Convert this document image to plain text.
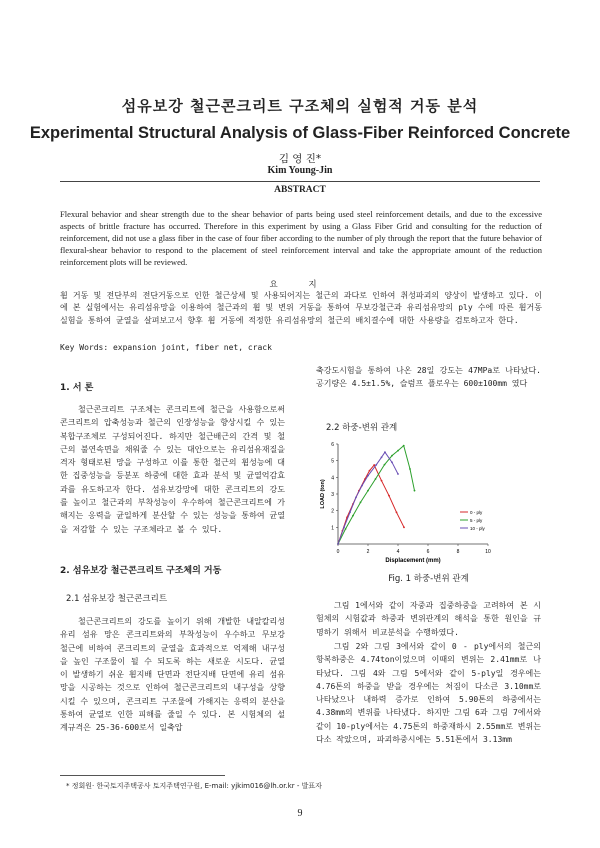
섬유보강 철근콘크리트 구조체의 실험적 거동 분석
Experimental Structural Analysis of Glass-Fiber Reinforced Concrete
김 영 진*
Kim Young-Jin
ABSTRACT
Flexural behavior and shear strength due to the shear behavior of parts being used steel reinforcement details, and due to the excessive aspects of brittle fracture has occurred. Therefore in this experiment by using a Glass Fiber Grid and consulting for the reduction of reinforcement, did not use a glass fiber in the case of four fiber according to the number of ply through the report that the future behavior of flexural-shear behavior to respond to the placement of steel reinforcement interval and take the appropriate amount of the reduction reinforcement plots will be reviewed.
요 지
휨 거동 및 전단부의 전단거동으로 인한 철근상세 및 사용되어지는 철근의 과다로 인하여 취성파괴의 양상이 발생하고 있다. 이에 본 실험에서는 유리섬유망을 이용하여 철근과의 휨 및 변위 거동을 통하여 무보강철근과 유리섬유망의 ply 수에 따른 휨거동 실험을 통하여 균열을 살펴보고서 향후 휨 거동에 적정한 유리섬유망의 철근의 배치결수에 대한 사용량을 검토하고자 한다.
Key Words: expansion joint, fiber net, crack
1. 서 론
철근콘크리트 구조체는 콘크리트에 철근을 사용함으로써 콘크리트의 압축성능과 철근의 인장성능을 향상시킬 수 있는 복합구조체로 구성되어진다. 하지만 철근배근의 간격 및 철근의 불연속면을 채워줄 수 있는 대안으로는 유리섬유재질을 격자 형태로된 망을 구성하고 이를 통한 철근의 휨성능에 대한 집중성능을 등분포 하중에 대한 효과 분석 및 균열억감효과를 유도하고자 한다. 섬유보강망에 대한 콘크리트의 강도를 높이고 철근과의 부착성능이 우수하여 철근콘크리트에 가해지는 응력을 균일하게 분산할 수 있는 성능을 통하여 균열을 저감할 수 있는 구조체라고 볼 수 있다.
2. 섬유보강 철근콘크리트 구조체의 거동
2.1 섬유보강 철근콘크리트
철근콘크리트의 강도를 높이기 위해 개발한 내알칼리성 유리 섬유 망은 콘크리트와의 부착성능이 우수하고 무보강 철근에 비하여 콘크리트의 균열을 효과적으로 억제해 내구성을 높인 구조물이 될 수 되도록 하는 새로운 시도다. 균열이 발생하기 쉬운 휨지배 단면과 전단지배 단면에 유리 섬유 망을 시공하는 것으로 인하여 철근콘크리트의 내구성을 상향시킬 수 있으며, 콘크리트 구조물에 가해지는 응력의 분산을 통하여 균열로 인한 피해를 줄일 수 있다. 본 시험체의 설계규격은 25-36-600로서 일축압
축강도시험을 통하여 나온 28일 강도는 47MPa로 나타났다. 공기량은 4.5±1.5%, 슬럼프 플로우는 600±100mm 였다
2.2 하중-변위 관계
0	2	4	6	8	10
1
2
3
4
5
6
Displacement (mm)
LOAD (ton)
0 - ply
5 - ply
10 - ply
Fig. 1 하중-변위 관계
그림 1에서와 같이 자중과 집중하중을 고려하여 본 시험체의 시험값과 하중과 변위관계의 해석을 통한 원인을 규명하기 위해서 비교분석을 수행하였다.
그림 2와 그림 3에서와 같이 0 - ply에서의 철근의 항복하중은 4.74ton이었으며 이때의 변위는 2.41mm로 나타났다. 그림 4와 그림 5에서와 같이 5-ply일 경우에는 4.76톤의 하중을 받을 경우에는 처짐이 다소큰 3.10mm로 나타났으나 내하력 증가로 인하여 5.90톤의 하중에서는 4.38mm의 변위를 나타냈다. 하지만 그림 6과 그림 7에서와 같이 10-ply에서는 4.75톤의 하중재하시 2.55mm로 변위는 다소 작았으며, 파괴하중시에는 5.51톤에서 3.13mm
* 정회원· 한국토지주택공사 토지주택연구원, E-mail: yjkim016@lh.or.kr - 발표자
9
